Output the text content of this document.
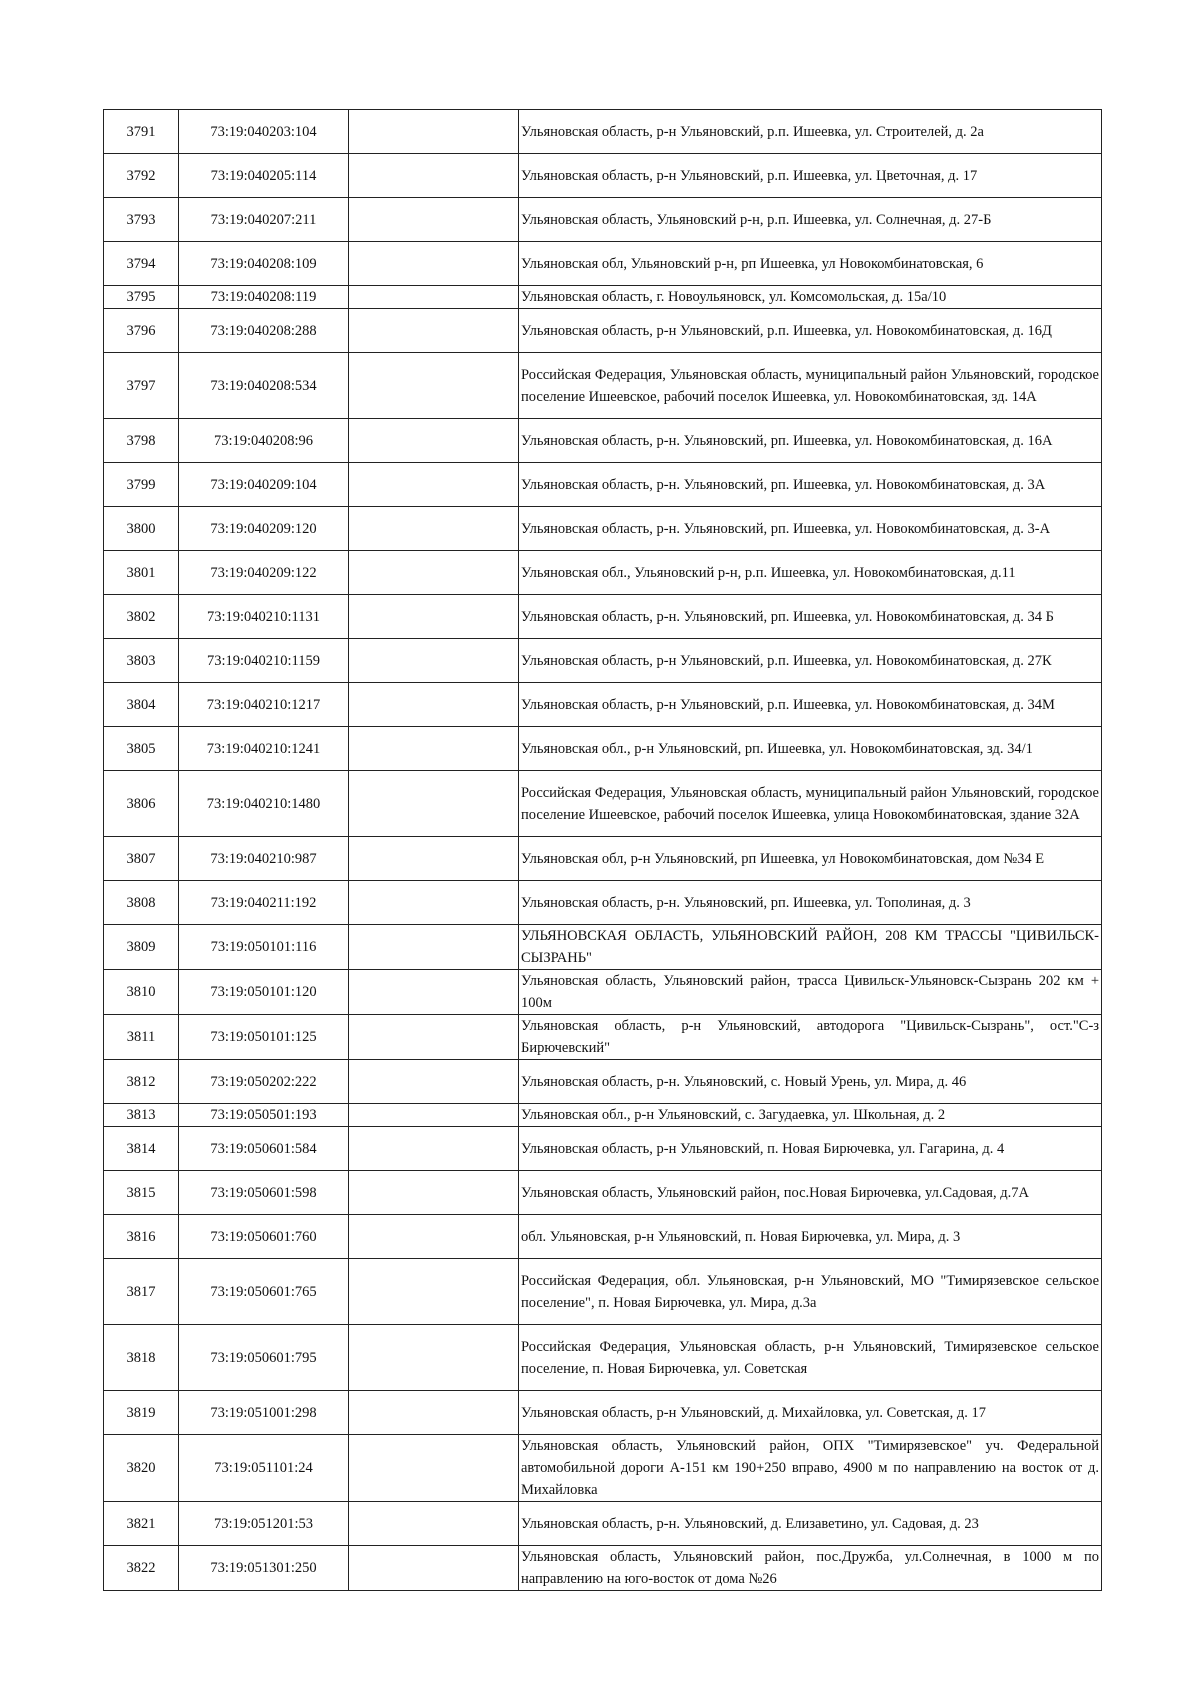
3791	73:19:040203:104		Ульяновская область, р-н Ульяновский, р.п. Ишеевка, ул. Строителей, д. 2а
3792	73:19:040205:114		Ульяновская область, р-н Ульяновский, р.п. Ишеевка, ул. Цветочная, д. 17
3793	73:19:040207:211		Ульяновская область, Ульяновский р-н, р.п. Ишеевка, ул. Солнечная, д. 27-Б
3794	73:19:040208:109		Ульяновская обл, Ульяновский р-н, рп Ишеевка, ул Новокомбинатовская, 6
3795	73:19:040208:119		Ульяновская область, г. Новоульяновск, ул. Комсомольская, д. 15а/10
3796	73:19:040208:288		Ульяновская область, р-н Ульяновский, р.п. Ишеевка, ул. Новокомбинатовская, д. 16Д
3797	73:19:040208:534		Российская Федерация, Ульяновская область, муниципальный район Ульяновский, городское поселение Ишеевское, рабочий поселок Ишеевка, ул. Новокомбинатовская, зд. 14А
3798	73:19:040208:96		Ульяновская область, р-н. Ульяновский, рп. Ишеевка, ул. Новокомбинатовская, д. 16А
3799	73:19:040209:104		Ульяновская область, р-н. Ульяновский, рп. Ишеевка, ул. Новокомбинатовская, д. 3А
3800	73:19:040209:120		Ульяновская область, р-н. Ульяновский, рп. Ишеевка, ул. Новокомбинатовская, д. 3-А
3801	73:19:040209:122		Ульяновская обл., Ульяновский р-н, р.п. Ишеевка, ул. Новокомбинатовская, д.11
3802	73:19:040210:1131		Ульяновская область, р-н. Ульяновский, рп. Ишеевка, ул. Новокомбинатовская, д. 34 Б
3803	73:19:040210:1159		Ульяновская область, р-н Ульяновский, р.п. Ишеевка, ул. Новокомбинатовская, д. 27К
3804	73:19:040210:1217		Ульяновская область, р-н Ульяновский, р.п. Ишеевка, ул. Новокомбинатовская, д. 34М
3805	73:19:040210:1241		Ульяновская обл., р-н Ульяновский, рп. Ишеевка, ул. Новокомбинатовская, зд. 34/1
3806	73:19:040210:1480		Российская Федерация, Ульяновская область, муниципальный район Ульяновский, городское поселение Ишеевское, рабочий поселок Ишеевка, улица Новокомбинатовская, здание 32А
3807	73:19:040210:987		Ульяновская обл, р-н Ульяновский, рп Ишеевка, ул Новокомбинатовская, дом №34 Е
3808	73:19:040211:192		Ульяновская область, р-н. Ульяновский, рп. Ишеевка, ул. Тополиная, д. 3
3809	73:19:050101:116		УЛЬЯНОВСКАЯ ОБЛАСТЬ, УЛЬЯНОВСКИЙ РАЙОН, 208 КМ ТРАССЫ "ЦИВИЛЬСК-СЫЗРАНЬ"
3810	73:19:050101:120		Ульяновская область, Ульяновский район, трасса Цивильск-Ульяновск-Сызрань 202 км + 100м
3811	73:19:050101:125		Ульяновская область, р-н Ульяновский, автодорога "Цивильск-Сызрань", ост."С-з Бирючевский"
3812	73:19:050202:222		Ульяновская область, р-н. Ульяновский, с. Новый Урень, ул. Мира, д. 46
3813	73:19:050501:193		Ульяновская обл., р-н Ульяновский, с. Загудаевка, ул. Школьная, д. 2
3814	73:19:050601:584		Ульяновская область, р-н Ульяновский, п. Новая Бирючевка, ул. Гагарина, д. 4
3815	73:19:050601:598		Ульяновская область, Ульяновский район, пос.Новая Бирючевка, ул.Садовая, д.7А
3816	73:19:050601:760		обл. Ульяновская, р-н Ульяновский, п. Новая Бирючевка, ул. Мира, д. 3
3817	73:19:050601:765		Российская Федерация, обл. Ульяновская, р-н Ульяновский, МО "Тимирязевское сельское поселение", п. Новая Бирючевка, ул. Мира, д.3а
3818	73:19:050601:795		Российская Федерация, Ульяновская область, р-н Ульяновский, Тимирязевское сельское поселение, п. Новая Бирючевка, ул. Советская
3819	73:19:051001:298		Ульяновская область, р-н Ульяновский, д. Михайловка, ул. Советская, д. 17
3820	73:19:051101:24		Ульяновская область, Ульяновский район, ОПХ "Тимирязевское" уч. Федеральной автомобильной дороги А-151 км 190+250 вправо, 4900 м по направлению на восток от д. Михайловка
3821	73:19:051201:53		Ульяновская область, р-н. Ульяновский, д. Елизаветино, ул. Садовая, д. 23
3822	73:19:051301:250		Ульяновская область, Ульяновский район, пос.Дружба, ул.Солнечная, в 1000 м по направлению на юго-восток от дома №26
